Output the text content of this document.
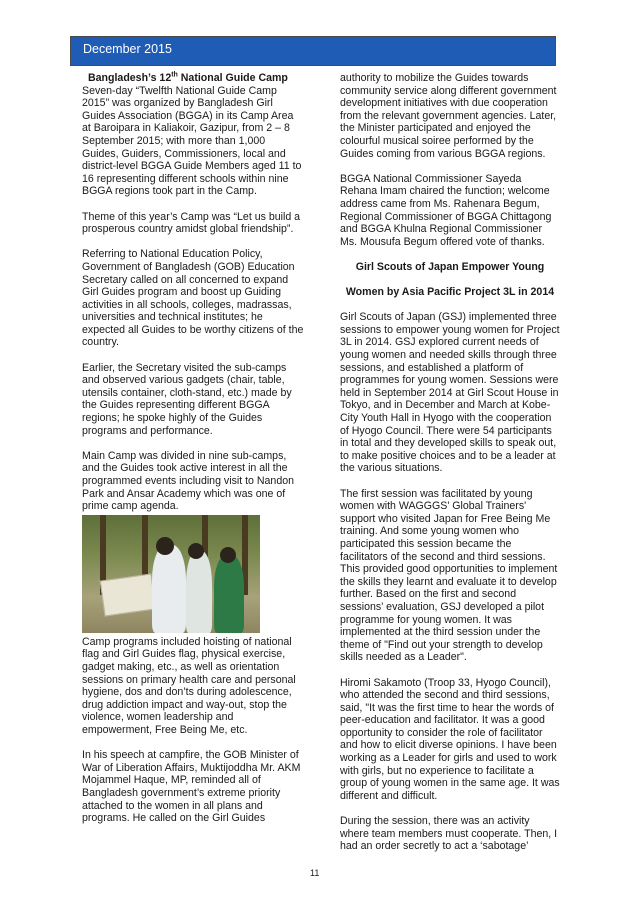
December 2015

Bangladesh’s 12th National Guide Camp

Seven-day “Twelfth National Guide Camp 2015” was organized by Bangladesh Girl Guides Association (BGGA) in its Camp Area at Baroipara in Kaliakoir, Gazipur, from 2 – 8 September 2015; with more than 1,000 Guides, Guiders, Commissioners, local and district-level BGGA Guide Members aged 11 to 16 representing different schools within nine BGGA regions took part in the Camp.

Theme of this year’s Camp was “Let us build a prosperous country amidst global friendship”.

Referring to National Education Policy, Government of Bangladesh (GOB) Education Secretary called on all concerned to expand Girl Guides program and boost up Guiding activities in all schools, colleges, madrassas, universities and technical institutes; he expected all Guides to be worthy citizens of the country.

Earlier, the Secretary visited the sub-camps and observed various gadgets (chair, table, utensils container, cloth-stand, etc.) made by the Guides representing different BGGA regions; he spoke highly of the Guides programs and performance.

Main Camp was divided in nine sub-camps, and the Guides took active interest in all the programmed events including visit to Nandon Park and Ansar Academy which was one of prime camp agenda.

Camp programs included hoisting of national flag and Girl Guides flag, physical exercise, gadget making, etc., as well as orientation sessions on primary health care and personal hygiene, dos and don’ts during adolescence, drug addiction impact and way-out, stop the violence, women leadership and empowerment, Free Being Me, etc.

In his speech at campfire, the GOB Minister of War of Liberation Affairs, Muktijoddha Mr. AKM Mojammel Haque, MP, reminded all of Bangladesh government’s extreme priority attached to the women in all plans and programs. He called on the Girl Guides

authority to mobilize the Guides towards community service along different government development initiatives with due cooperation from the relevant government agencies. Later, the Minister participated and enjoyed the colourful musical soiree performed by the Guides coming from various BGGA regions.

BGGA National Commissioner Sayeda Rehana Imam chaired the function; welcome address came from Ms. Rahenara Begum, Regional Commissioner of BGGA Chittagong and BGGA Khulna Regional Commissioner Ms. Mousufa Begum offered vote of thanks.

Girl Scouts of Japan Empower Young

Women by Asia Pacific Project 3L in 2014

Girl Scouts of Japan (GSJ) implemented three sessions to empower young women for Project 3L in 2014. GSJ explored current needs of young women and needed skills through three sessions, and established a platform of programmes for young women. Sessions were held in September 2014 at Girl Scout House in Tokyo, and in December and March at Kobe-City Youth Hall in Hyogo with the cooperation of Hyogo Council. There were 54 participants in total and they developed skills to speak out, to make positive choices and to be a leader at the various situations.

The first session was facilitated by young women with WAGGGS' Global Trainers' support who visited Japan for Free Being Me training. And some young women who participated this session became the facilitators of the second and third sessions. This provided good opportunities to implement the skills they learnt and evaluate it to develop further. Based on the first and second sessions' evaluation, GSJ developed a pilot programme for young women. It was implemented at the third session under the theme of "Find out your strength to develop skills needed as a Leader".

Hiromi Sakamoto (Troop 33, Hyogo Council), who attended the second and third sessions, said, "It was the first time to hear the words of peer-education and facilitator. It was a good opportunity to consider the role of facilitator and how to elicit diverse opinions. I have been working as a Leader for girls and used to work with girls, but no experience to facilitate a group of young women in the same age. It was different and difficult.

During the session, there was an activity where team members must cooperate. Then, I had an order secretly to act a ‘sabotage’

11
